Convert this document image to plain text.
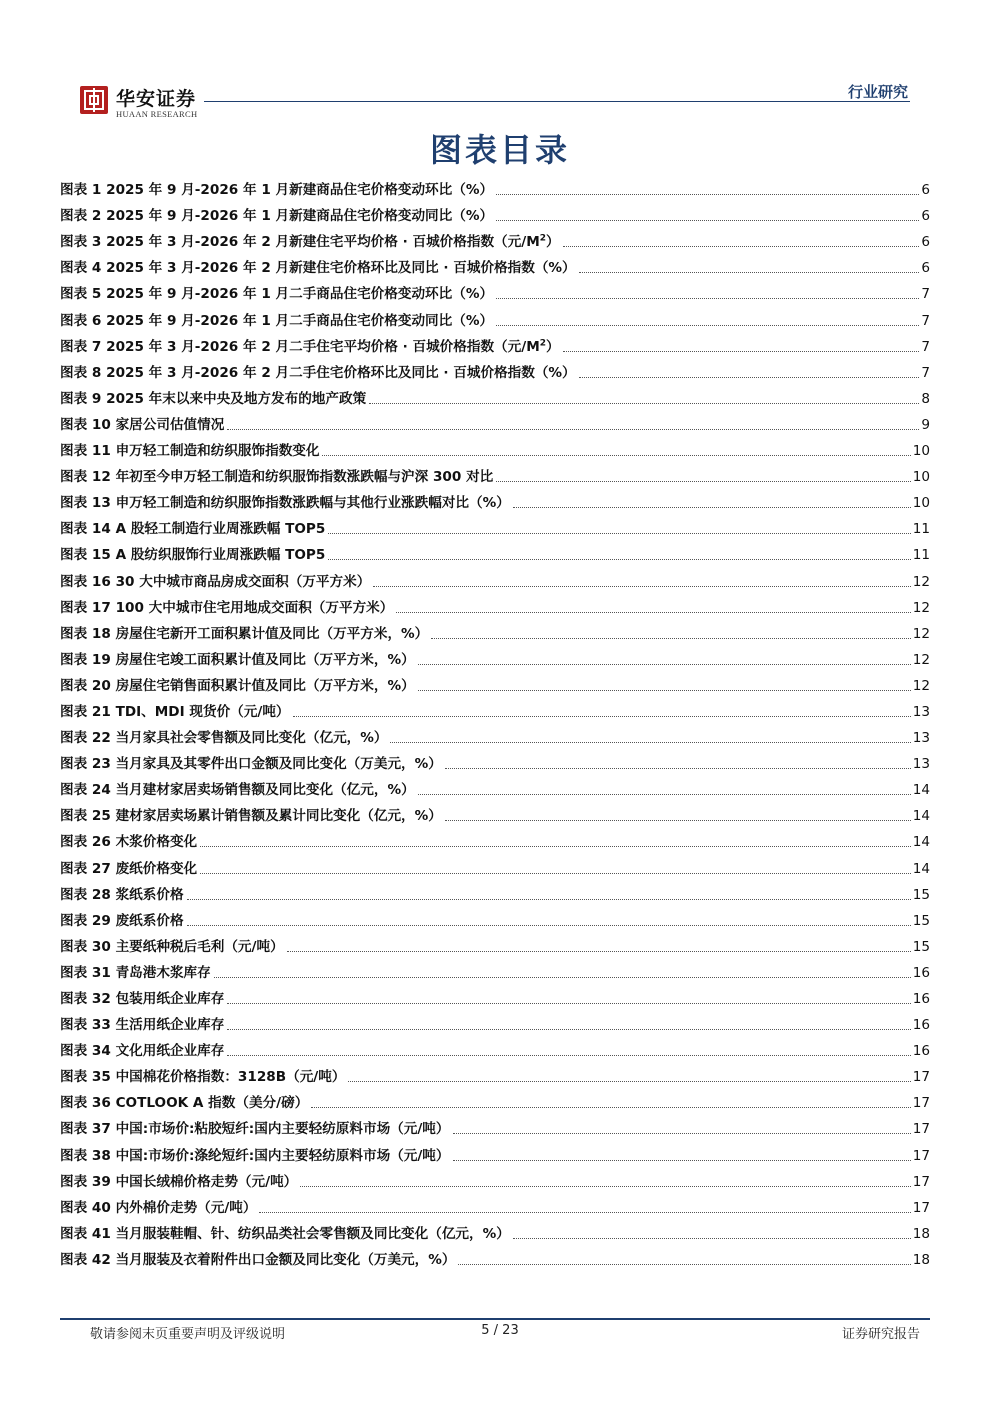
华安证券
HUAAN RESEARCH
行业研究
图表目录
图表 1 2025 年 9 月-2026 年 1 月新建商品住宅价格变动环比（%）	6
图表 2 2025 年 9 月-2026 年 1 月新建商品住宅价格变动同比（%）	6
图表 3 2025 年 3 月-2026 年 2 月新建住宅平均价格 · 百城价格指数（元$/M^2$）	6
图表 4 2025 年 3 月-2026 年 2 月新建住宅价格环比及同比 · 百城价格指数（%）	6
图表 5 2025 年 9 月-2026 年 1 月二手商品住宅价格变动环比（%）	7
图表 6 2025 年 9 月-2026 年 1 月二手商品住宅价格变动同比（%）	7
图表 7 2025 年 3 月-2026 年 2 月二手住宅平均价格 · 百城价格指数（元$/M^2$）	7
图表 8 2025 年 3 月-2026 年 2 月二手住宅价格环比及同比 · 百城价格指数（%）	7
图表 9 2025 年末以来中央及地方发布的地产政策	8
图表 10 家居公司估值情况	9
图表 11 申万轻工制造和纺织服饰指数变化	10
图表 12 年初至今申万轻工制造和纺织服饰指数涨跌幅与沪深 300 对比	10
图表 13 申万轻工制造和纺织服饰指数涨跌幅与其他行业涨跌幅对比（%）	10
图表 14 A 股轻工制造行业周涨跌幅 TOP5	11
图表 15 A 股纺织服饰行业周涨跌幅 TOP5	11
图表 16 30 大中城市商品房成交面积（万平方米）	12
图表 17 100 大中城市住宅用地成交面积（万平方米）	12
图表 18 房屋住宅新开工面积累计值及同比（万平方米，%）	12
图表 19 房屋住宅竣工面积累计值及同比（万平方米，%）	12
图表 20 房屋住宅销售面积累计值及同比（万平方米，%）	12
图表 21 TDI、MDI 现货价（元/吨）	13
图表 22 当月家具社会零售额及同比变化（亿元，%）	13
图表 23 当月家具及其零件出口金额及同比变化（万美元，%）	13
图表 24 当月建材家居卖场销售额及同比变化（亿元，%）	14
图表 25 建材家居卖场累计销售额及累计同比变化（亿元，%）	14
图表 26 木浆价格变化	14
图表 27 废纸价格变化	14
图表 28 浆纸系价格	15
图表 29 废纸系价格	15
图表 30 主要纸种税后毛利（元/吨）	15
图表 31 青岛港木浆库存	16
图表 32 包装用纸企业库存	16
图表 33 生活用纸企业库存	16
图表 34 文化用纸企业库存	16
图表 35 中国棉花价格指数：3128B（元/吨）	17
图表 36 COTLOOK A 指数（美分/磅）	17
图表 37 中国:市场价:粘胶短纤:国内主要轻纺原料市场（元/吨）	17
图表 38 中国:市场价:涤纶短纤:国内主要轻纺原料市场（元/吨）	17
图表 39 中国长绒棉价格走势（元/吨）	17
图表 40 内外棉价走势（元/吨）	17
图表 41 当月服装鞋帽、针、纺织品类社会零售额及同比变化（亿元，%）	18
图表 42 当月服装及衣着附件出口金额及同比变化（万美元，%）	18
敬请参阅末页重要声明及评级说明	5 / 23	证券研究报告
